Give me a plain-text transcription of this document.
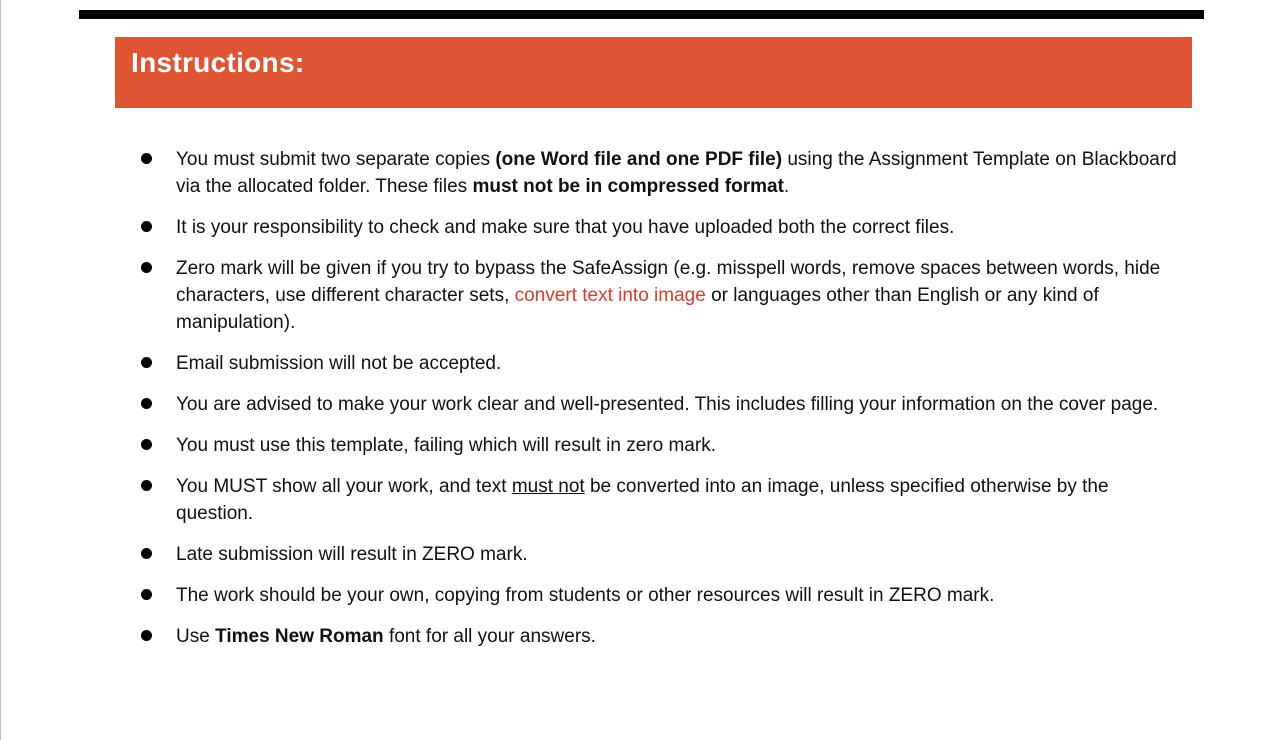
Instructions:
You must submit two separate copies (one Word file and one PDF file) using the Assignment Template on Blackboard via the allocated folder. These files must not be in compressed format.
It is your responsibility to check and make sure that you have uploaded both the correct files.
Zero mark will be given if you try to bypass the SafeAssign (e.g. misspell words, remove spaces between words, hide characters, use different character sets, convert text into image or languages other than English or any kind of manipulation).
Email submission will not be accepted.
You are advised to make your work clear and well-presented. This includes filling your information on the cover page.
You must use this template, failing which will result in zero mark.
You MUST show all your work, and text must not be converted into an image, unless specified otherwise by the question.
Late submission will result in ZERO mark.
The work should be your own, copying from students or other resources will result in ZERO mark.
Use Times New Roman font for all your answers.
